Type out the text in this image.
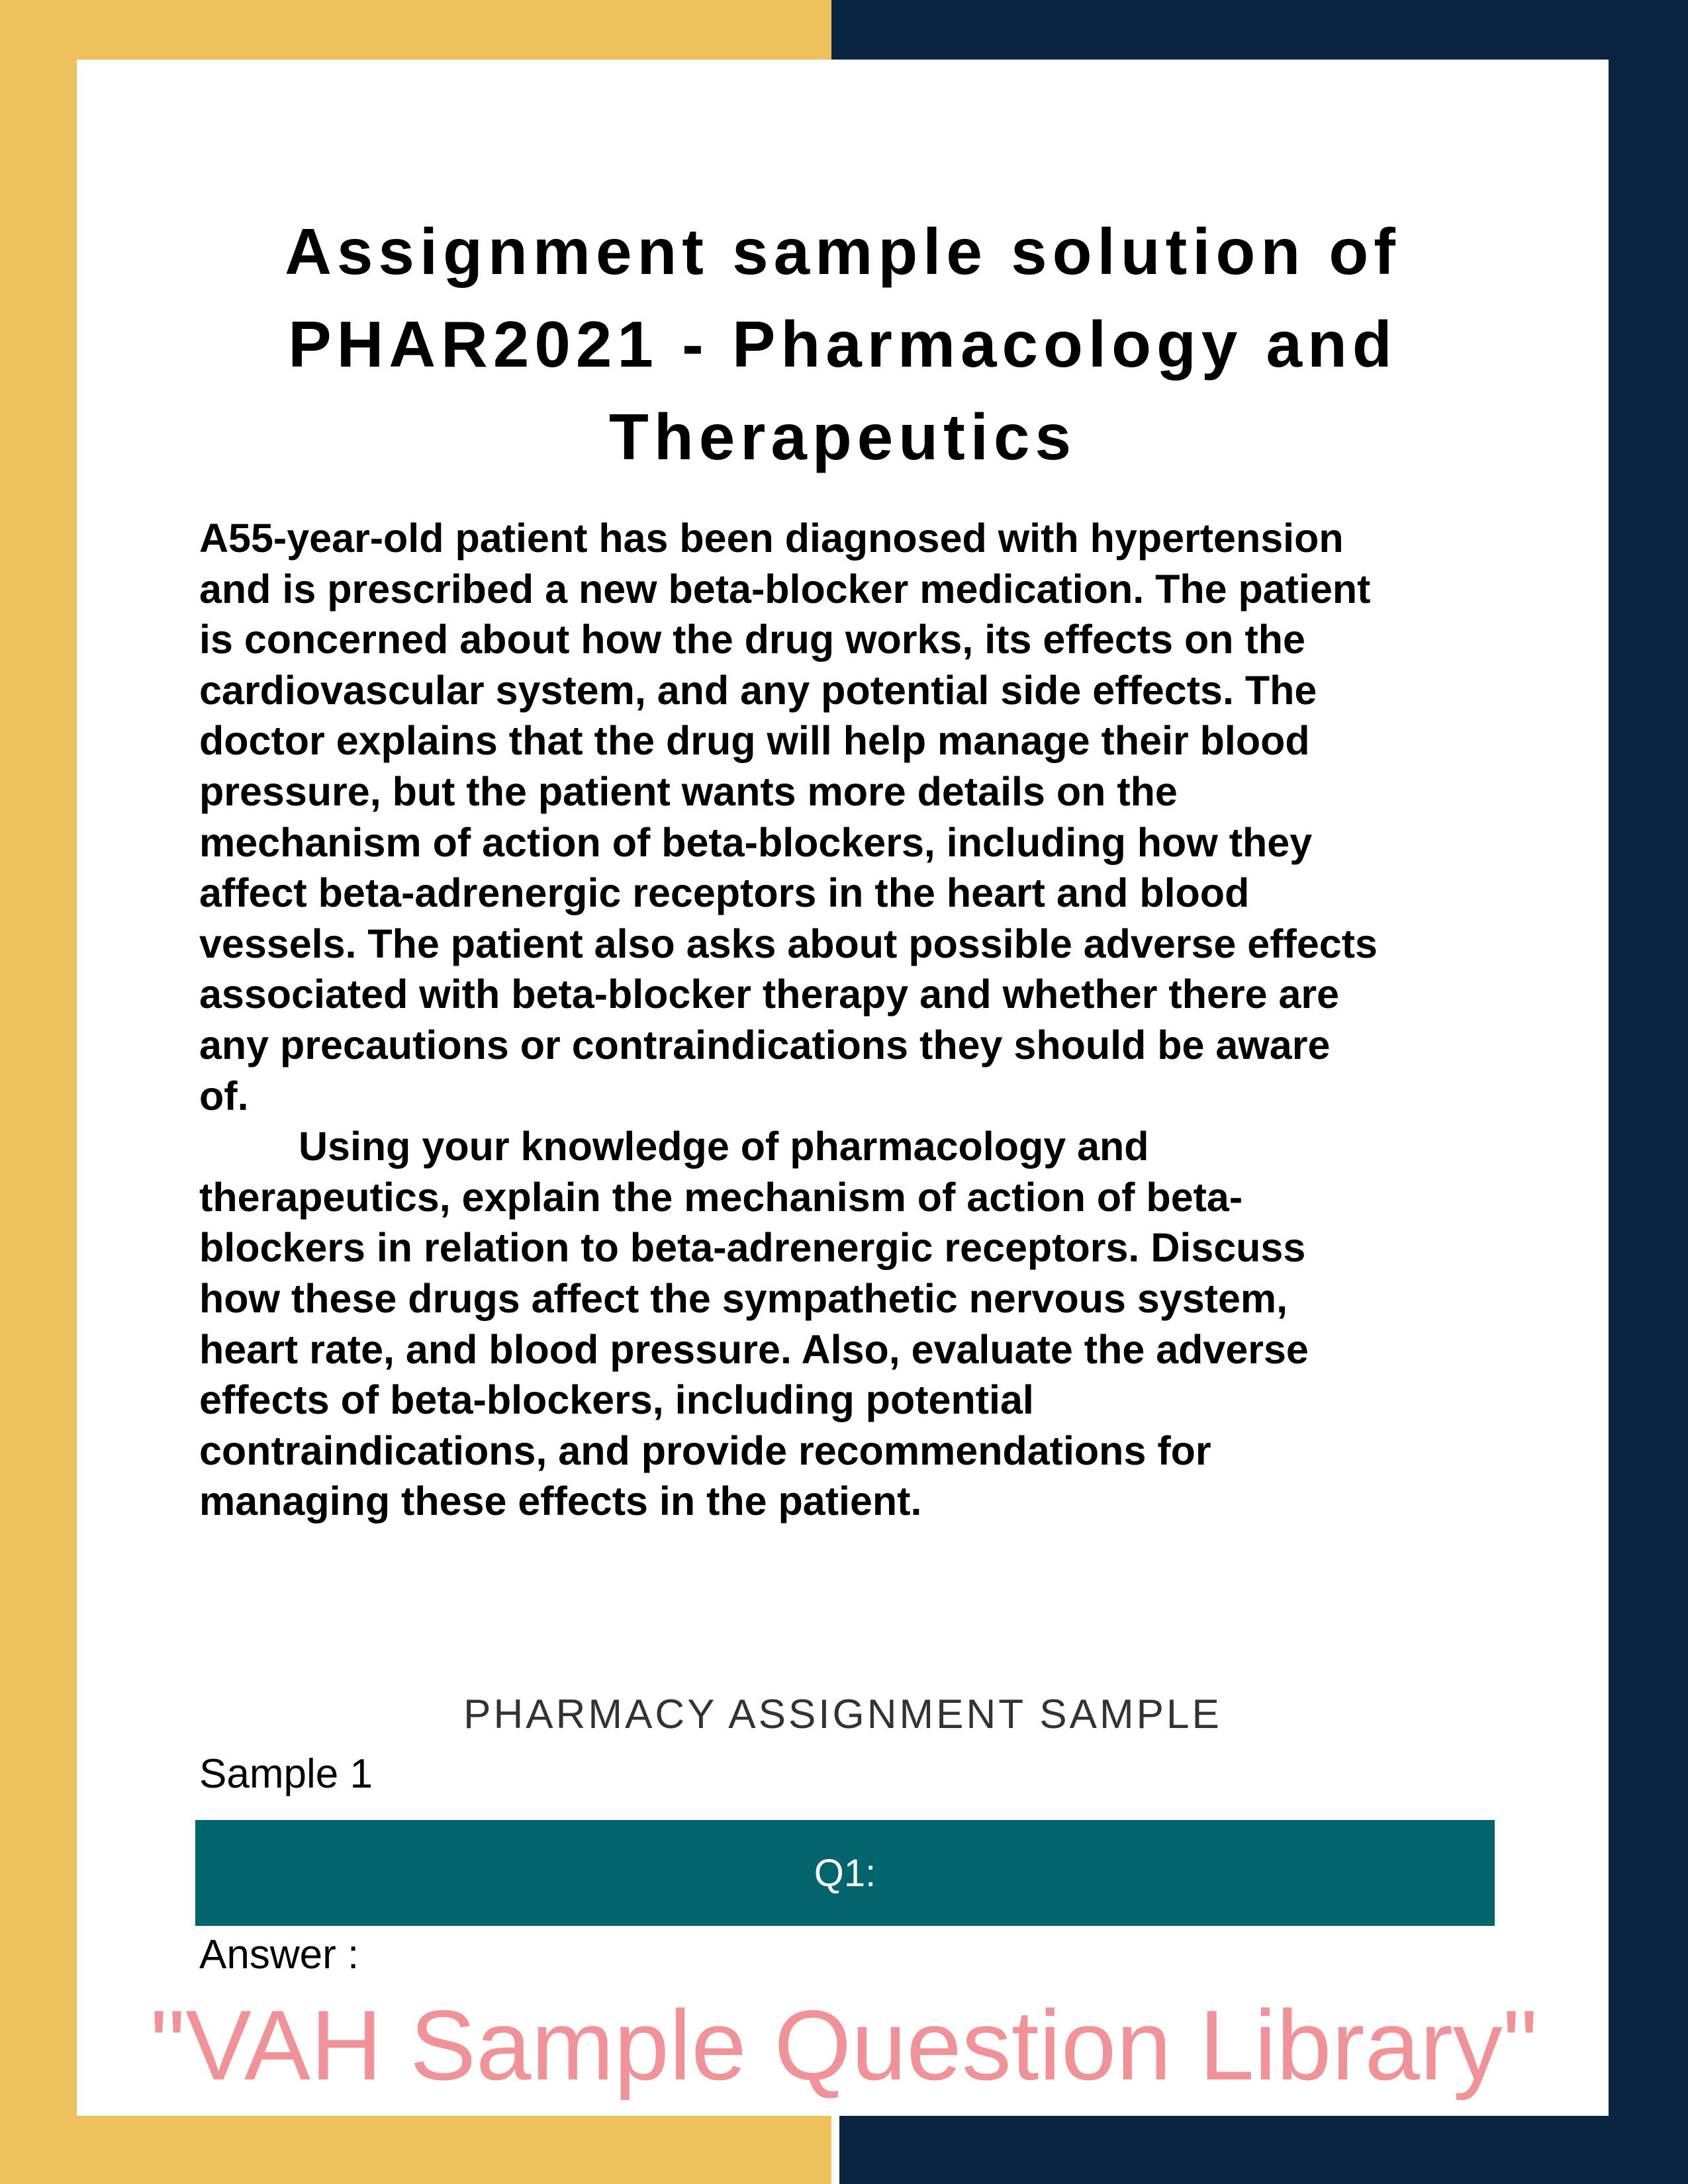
Assignment sample solution of
PHAR2021 - Pharmacology and
Therapeutics
A55-year-old patient has been diagnosed with hypertension
and is prescribed a new beta-blocker medication. The patient
is concerned about how the drug works, its effects on the
cardiovascular system, and any potential side effects. The
doctor explains that the drug will help manage their blood
pressure, but the patient wants more details on the
mechanism of action of beta-blockers, including how they
affect beta-adrenergic receptors in the heart and blood
vessels. The patient also asks about possible adverse effects
associated with beta-blocker therapy and whether there are
any precautions or contraindications they should be aware
of.
Using your knowledge of pharmacology and
therapeutics, explain the mechanism of action of beta-
blockers in relation to beta-adrenergic receptors. Discuss
how these drugs affect the sympathetic nervous system,
heart rate, and blood pressure. Also, evaluate the adverse
effects of beta-blockers, including potential
contraindications, and provide recommendations for
managing these effects in the patient.
PHARMACY ASSIGNMENT SAMPLE
Sample 1
Q1:
Answer :
"VAH Sample Question Library"
